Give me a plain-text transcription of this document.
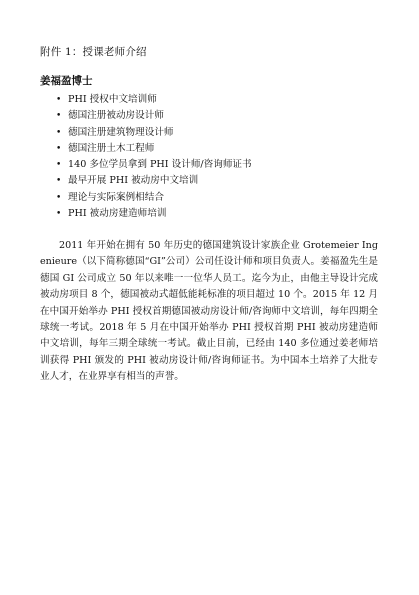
附件 1：授课老师介绍
姜福盈博士
• PHI 授权中文培训师
• 德国注册被动房设计师
• 德国注册建筑物理设计师
• 德国注册土木工程师
• 140 多位学员拿到 PHI 设计师/咨询师证书
• 最早开展 PHI 被动房中文培训
• 理论与实际案例相结合
• PHI 被动房建造师培训

2011 年开始在拥有 50 年历史的德国建筑设计家族企业 Grotemeier Ingenieure（以下简称德国“GI”公司）公司任设计师和项目负责人。姜福盈先生是德国 GI 公司成立 50 年以来唯一一位华人员工。迄今为止，由他主导设计完成被动房项目 8 个，德国被动式超低能耗标准的项目超过 10 个。2015 年 12 月在中国开始举办 PHI 授权首期德国被动房设计师/咨询师中文培训，每年四期全球统一考试。2018 年 5 月在中国开始举办 PHI 授权首期 PHI 被动房建造师中文培训，每年三期全球统一考试。截止目前，已经由 140 多位通过姜老师培训获得 PHI 颁发的 PHI 被动房设计师/咨询师证书。为中国本土培养了大批专业人才，在业界享有相当的声誉。
